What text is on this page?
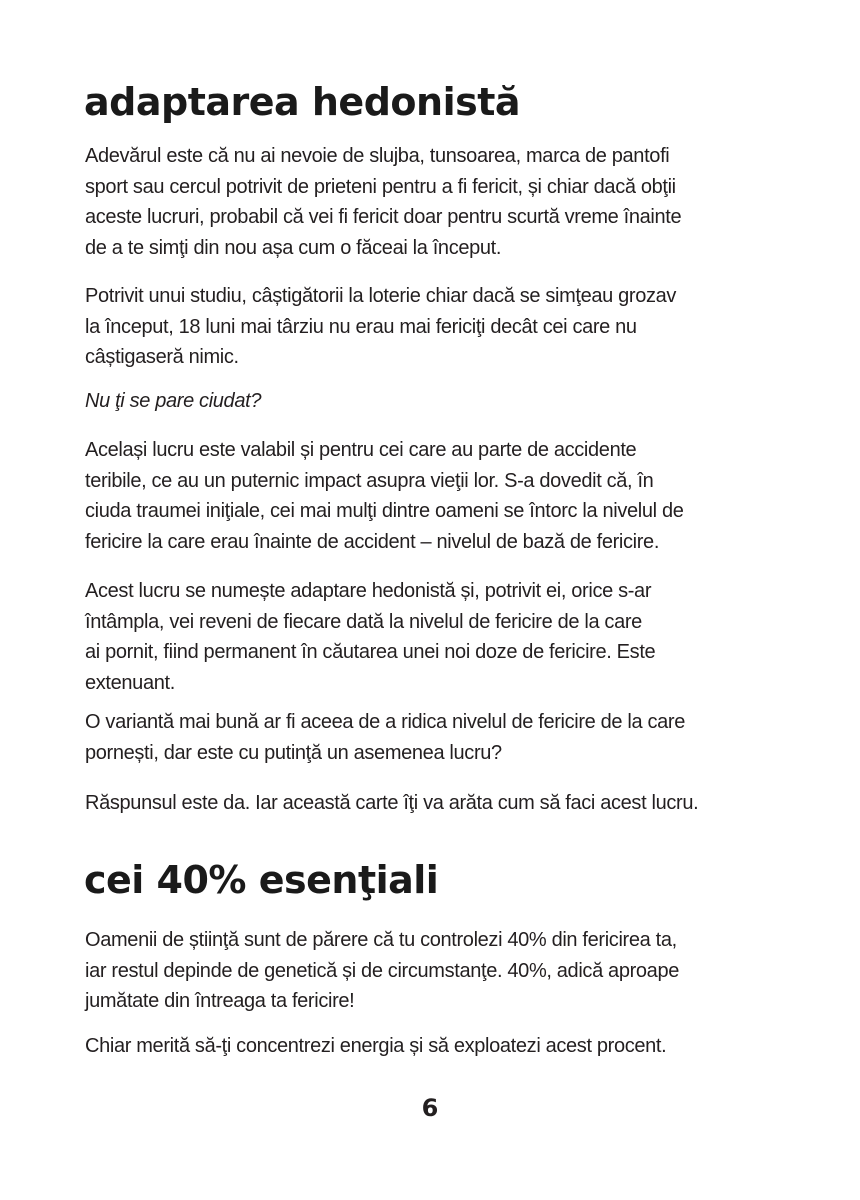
adaptarea hedonistă

Adevărul este că nu ai nevoie de slujba, tunsoarea, marca de pantofi
sport sau cercul potrivit de prieteni pentru a fi fericit, și chiar dacă obţii
aceste lucruri, probabil că vei fi fericit doar pentru scurtă vreme înainte
de a te simţi din nou așa cum o făceai la început.

Potrivit unui studiu, câștigătorii la loterie chiar dacă se simţeau grozav
la început, 18 luni mai târziu nu erau mai fericiţi decât cei care nu
câștigaseră nimic.

Nu ţi se pare ciudat?

Același lucru este valabil și pentru cei care au parte de accidente
teribile, ce au un puternic impact asupra vieţii lor. S-a dovedit că, în
ciuda traumei iniţiale, cei mai mulţi dintre oameni se întorc la nivelul de
fericire la care erau înainte de accident – nivelul de bază de fericire.

Acest lucru se numește adaptare hedonistă și, potrivit ei, orice s-ar
întâmpla, vei reveni de fiecare dată la nivelul de fericire de la care
ai pornit, fiind permanent în căutarea unei noi doze de fericire. Este
extenuant.

O variantă mai bună ar fi aceea de a ridica nivelul de fericire de la care
pornești, dar este cu putinţă un asemenea lucru?

Răspunsul este da. Iar această carte îţi va arăta cum să faci acest lucru.

cei 40% esenţiali

Oamenii de știinţă sunt de părere că tu controlezi 40% din fericirea ta,
iar restul depinde de genetică și de circumstanţe. 40%, adică aproape
jumătate din întreaga ta fericire!

Chiar merită să-ţi concentrezi energia și să exploatezi acest procent.

6
